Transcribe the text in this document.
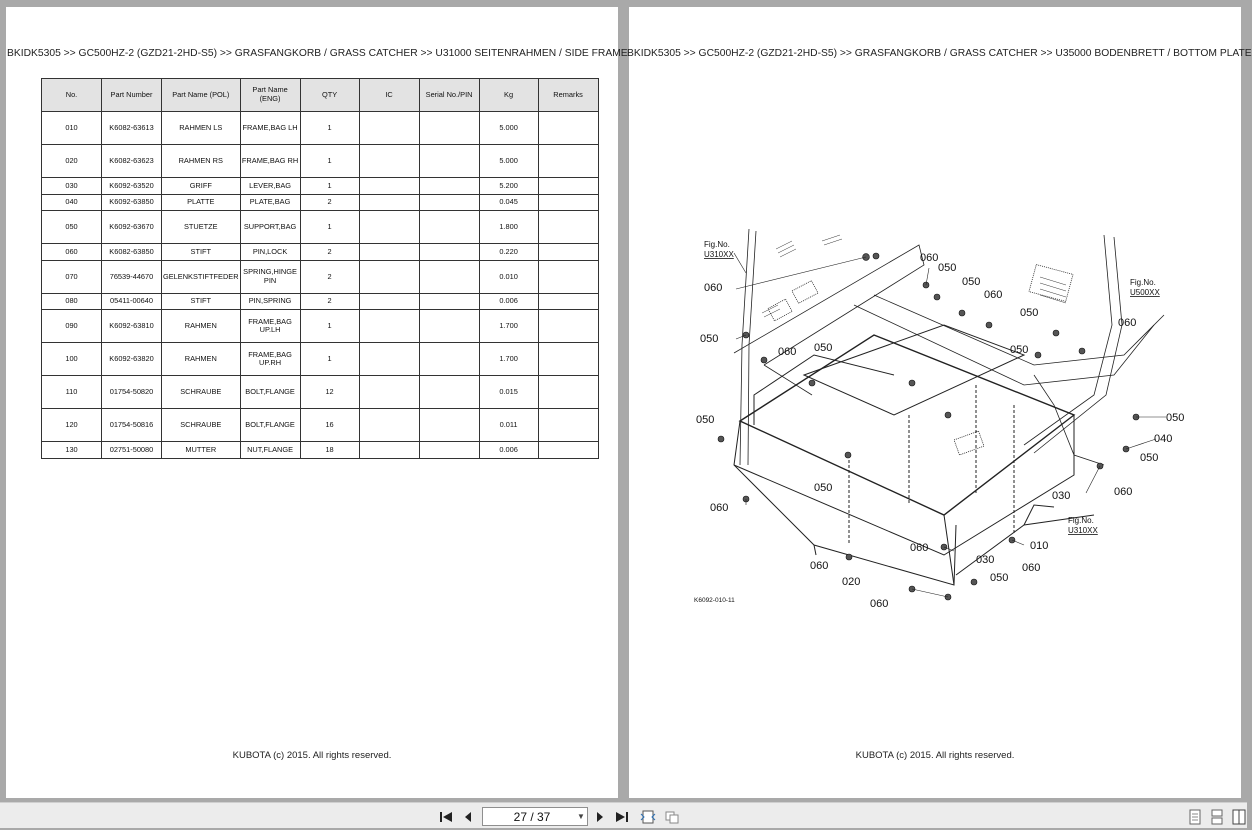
BKIDK5305 >> GC500HZ-2 (GZD21-2HD-S5) >> GRASFANGKORB / GRASS CATCHER >> U31000 SEITENRAHMEN / SIDE FRAME
No.	Part Number	Part Name (POL)	Part Name (ENG)	QTY	IC	Serial No./PIN	Kg	Remarks
010	K6082-63613	RAHMEN LS	FRAME,BAG LH	1			5.000	
020	K6082-63623	RAHMEN RS	FRAME,BAG RH	1			5.000	
030	K6092-63520	GRIFF	LEVER,BAG	1			5.200	
040	K6092-63850	PLATTE	PLATE,BAG	2			0.045	
050	K6092-63670	STUETZE	SUPPORT,BAG	1			1.800	
060	K6082-63850	STIFT	PIN,LOCK	2			0.220	
070	76539-44670	GELENKSTIFTFEDER	SPRING,HINGE PIN	2			0.010	
080	05411-00640	STIFT	PIN,SPRING	2			0.006	
090	K6092-63810	RAHMEN	FRAME,BAG UP.LH	1			1.700	
100	K6092-63820	RAHMEN	FRAME,BAG UP.RH	1			1.700	
110	01754-50820	SCHRAUBE	BOLT,FLANGE	12			0.015	
120	01754-50816	SCHRAUBE	BOLT,FLANGE	16			0.011	
130	02751-50080	MUTTER	NUT,FLANGE	18			0.006	
KUBOTA (c) 2015. All rights reserved.
BKIDK5305 >> GC500HZ-2 (GZD21-2HD-S5) >> GRASFANGKORB / GRASS CATCHER >> U35000 BODENBRETT / BOTTOM PLATE
060
050
060	050
060
050
060
050
060 050	050
050	050
040
050
050
030	060
060
060	010
030
060	060
050
020
060
Fig.No.
U310XX
Fig.No.
U500XX
Fig.No.
U310XX
K6092-010-11
KUBOTA (c) 2015. All rights reserved.
27 / 37	▼
